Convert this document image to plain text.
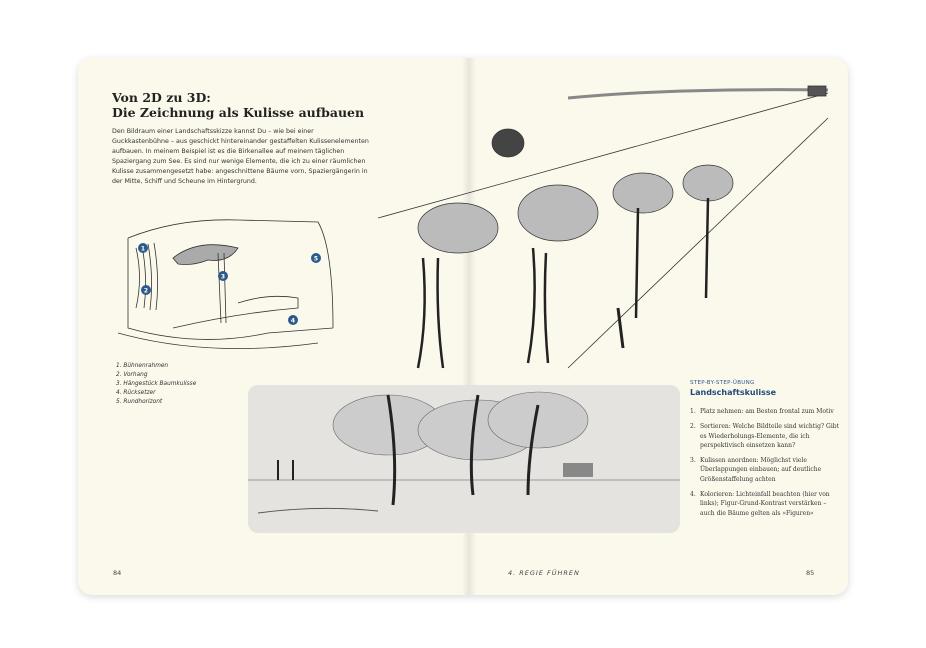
Von 2D zu 3D:
Die Zeichnung als Kulisse aufbauen
Den Bildraum einer Landschaftsskizze kannst Du – wie bei einer Guckkastenbühne – aus geschickt hintereinander gestaffelten Kulissenelementen aufbauen. In meinem Beispiel ist es die Birkenallee auf meinem täglichen Spaziergang zum See. Es sind nur wenige Elemente, die ich zu einer räumlichen Kulisse zusammengesetzt habe: angeschnittene Bäume vorn, Spaziergängerin in der Mitte, Schiff und Scheune im Hintergrund.
1
2
3
4
5
1. Bühnenrahmen
2. Vorhang
3. Hängestück Baumkulisse
4. Rücksetzer
5. Rundhorizont
STEP-BY-STEP-ÜBUNG
Landschaftskulisse
1. Platz nehmen: am Besten frontal zum Motiv
2. Sortieren: Welche Bildteile sind wichtig? Gibt es Wiederholungs-Elemente, die ich perspektivisch einsetzen kann?
3. Kulissen anordnen: Möglichst viele Überlappungen einbauen; auf deutliche Größenstaffelung achten
4. Kolorieren: Lichteinfall beachten (hier von links); Figur-Grund-Kontrast verstärken – auch die Bäume gelten als »Figuren«
84	4. REGIE FÜHREN	85
